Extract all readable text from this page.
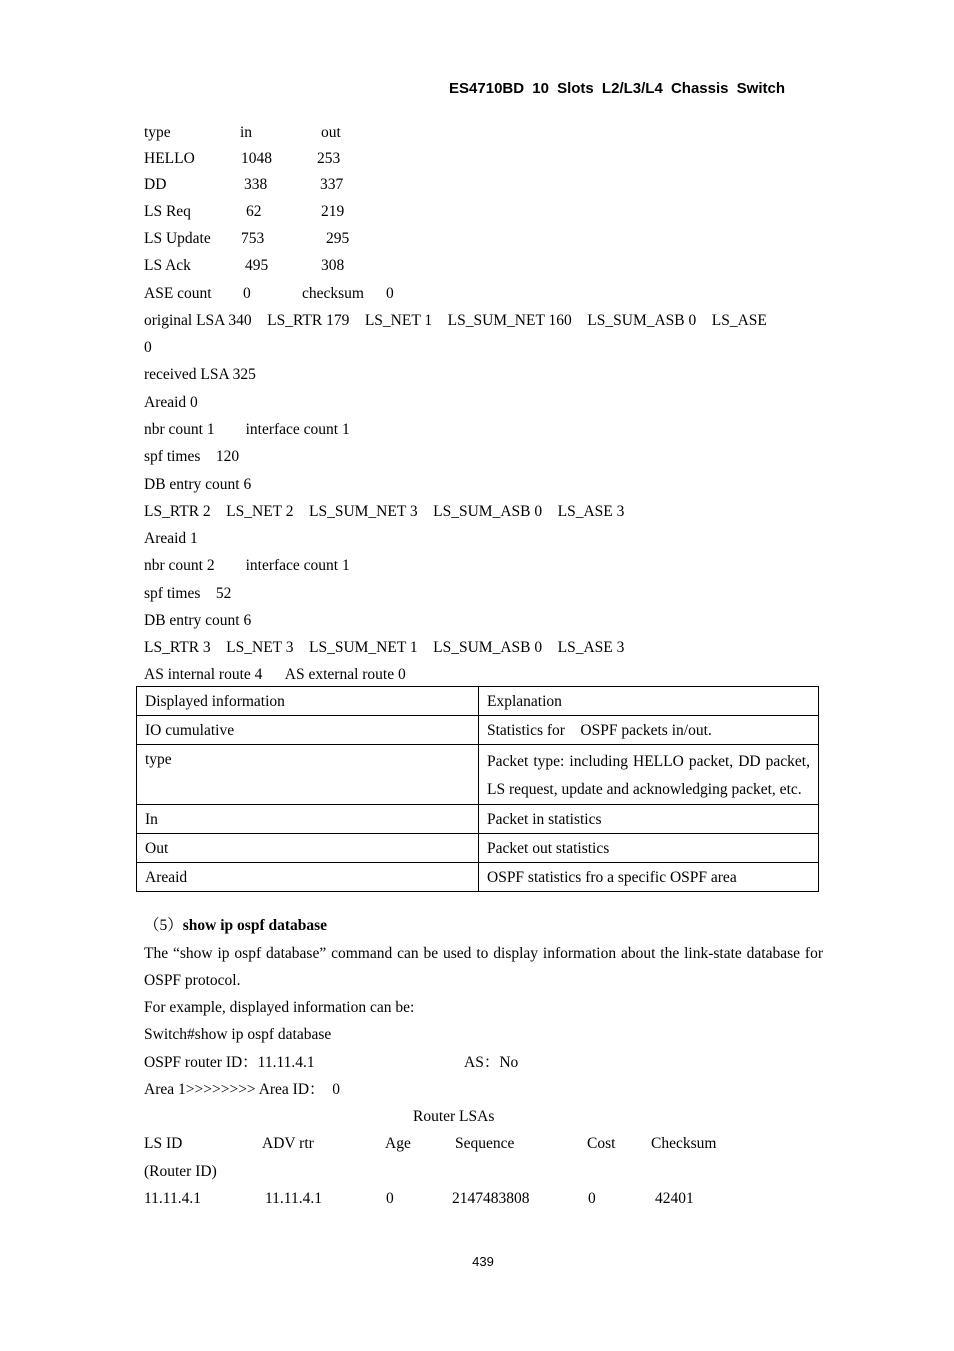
ES4710BD 10 Slots L2/L3/L4 Chassis Switch
type	in	out
HELLO	1048	253
DD	338	337
LS Req	62	219
LS Update 753	295
LS Ack	495	308
ASE count 0	checksum 0
original LSA 340    LS_RTR 179    LS_NET 1    LS_SUM_NET 160    LS_SUM_ASB 0    LS_ASE
0
received LSA 325
Areaid 0
nbr count 1        interface count 1
spf times    120
DB entry count 6
LS_RTR 2    LS_NET 2    LS_SUM_NET 3    LS_SUM_ASB 0    LS_ASE 3
Areaid 1
nbr count 2        interface count 1
spf times    52
DB entry count 6
LS_RTR 3    LS_NET 3    LS_SUM_NET 1    LS_SUM_ASB 0    LS_ASE 3
AS internal route 4      AS external route 0
Displayed information	Explanation
IO cumulative	Statistics for    OSPF packets in/out.
type	Packet type: including HELLO packet, DD packet, LS request, update and acknowledging packet, etc.
In	Packet in statistics
Out	Packet out statistics
Areaid	OSPF statistics fro a specific OSPF area
（5）show ip ospf database
The “show ip ospf database” command can be used to display information about the link-state database for OSPF protocol.
For example, displayed information can be:
Switch#show ip ospf database
OSPF router ID：11.11.4.1	AS：No
Area 1>>>>>>>> Area ID：  0
Router LSAs
LS ID	ADV rtr	Age	Sequence	Cost Checksum
(Router ID)
11.11.4.1	11.11.4.1	0	2147483808	0	42401
439
